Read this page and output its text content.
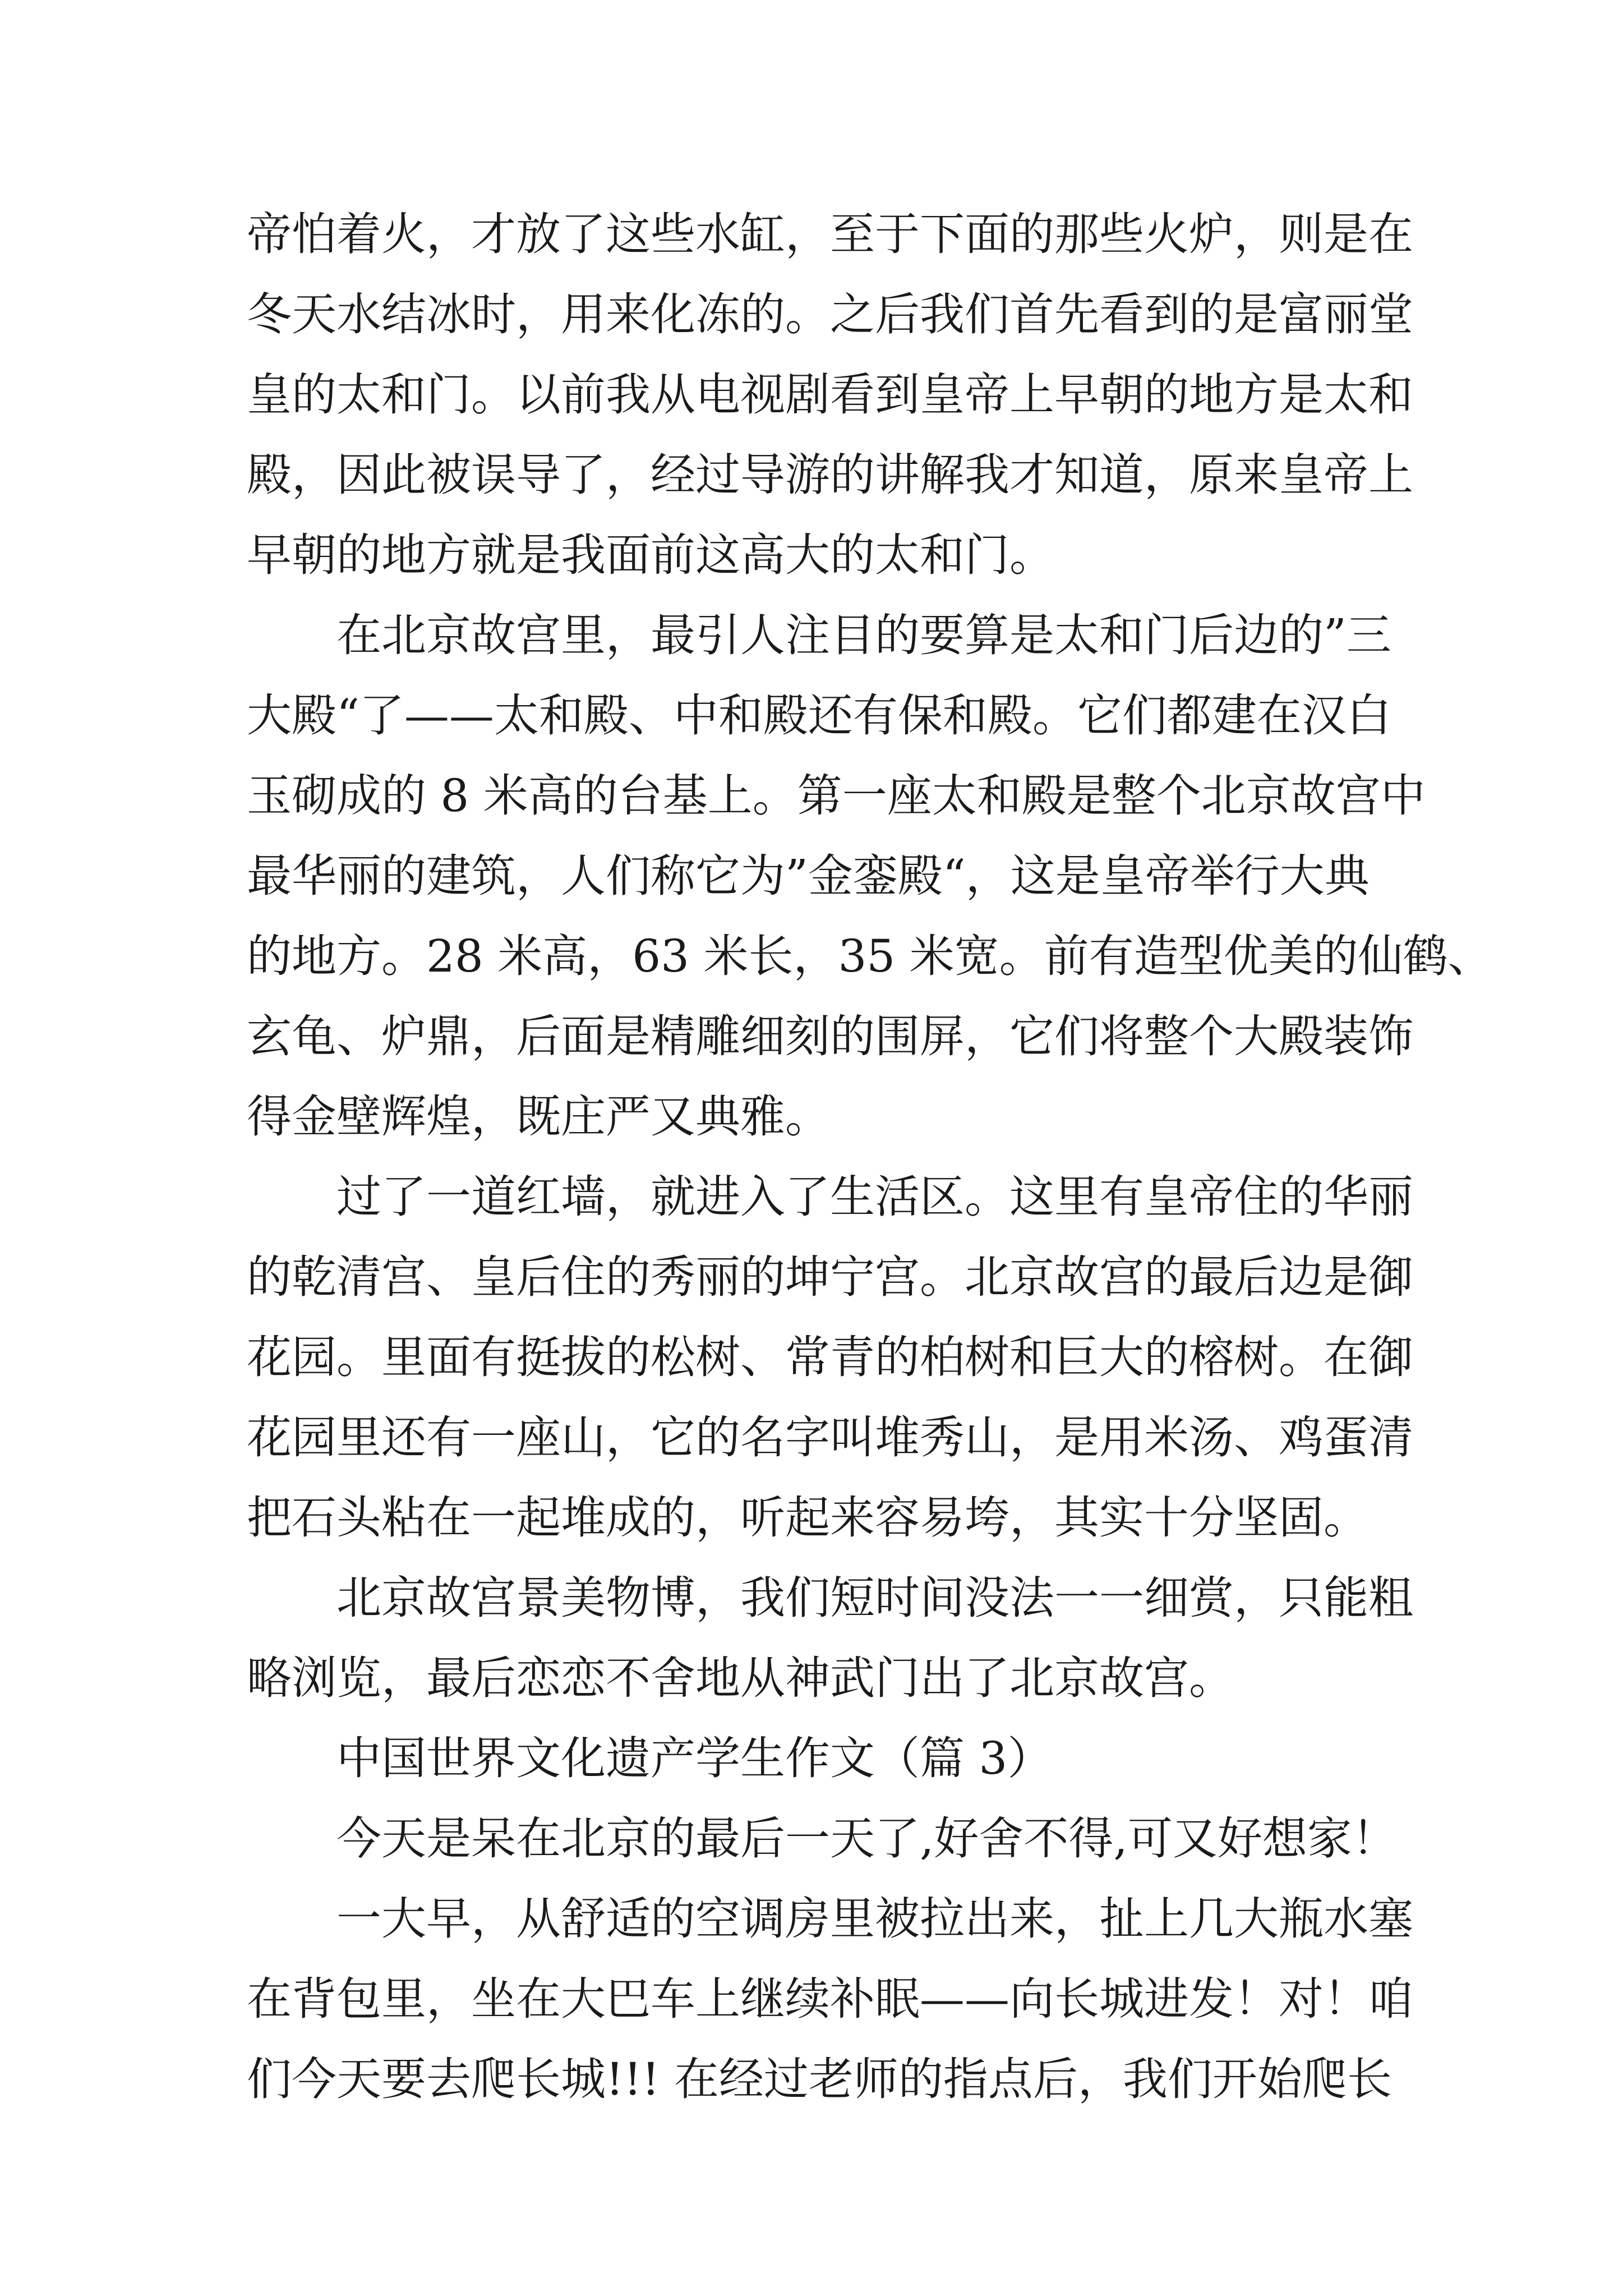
帝怕着火，才放了这些水缸，至于下面的那些火炉，则是在

冬天水结冰时，用来化冻的。之后我们首先看到的是富丽堂

皇的太和门。以前我从电视剧看到皇帝上早朝的地方是太和

殿，因此被误导了，经过导游的讲解我才知道，原来皇帝上

早朝的地方就是我面前这高大的太和门。

在北京故宫里，最引人注目的要算是太和门后边的”三

大殿“了——太和殿、中和殿还有保和殿。它们都建在汉白

玉砌成的 8 米高的台基上。第一座太和殿是整个北京故宫中

最华丽的建筑，人们称它为”金銮殿“，这是皇帝举行大典

的地方。28 米高，63 米长，35 米宽。前有造型优美的仙鹤、

玄龟、炉鼎，后面是精雕细刻的围屏，它们将整个大殿装饰

得金壁辉煌，既庄严又典雅。

过了一道红墙，就进入了生活区。这里有皇帝住的华丽

的乾清宫、皇后住的秀丽的坤宁宫。北京故宫的最后边是御

花园。里面有挺拔的松树、常青的柏树和巨大的榕树。在御

花园里还有一座山，它的名字叫堆秀山，是用米汤、鸡蛋清

把石头粘在一起堆成的，听起来容易垮，其实十分坚固。

北京故宫景美物博，我们短时间没法一一细赏，只能粗

略浏览，最后恋恋不舍地从神武门出了北京故宫。

中国世界文化遗产学生作文（篇 3）

今天是呆在北京的最后一天了,好舍不得,可又好想家！

一大早，从舒适的空调房里被拉出来，扯上几大瓶水塞

在背包里，坐在大巴车上继续补眠——向长城进发！对！咱

们今天要去爬长城!!! 在经过老师的指点后，我们开始爬长
